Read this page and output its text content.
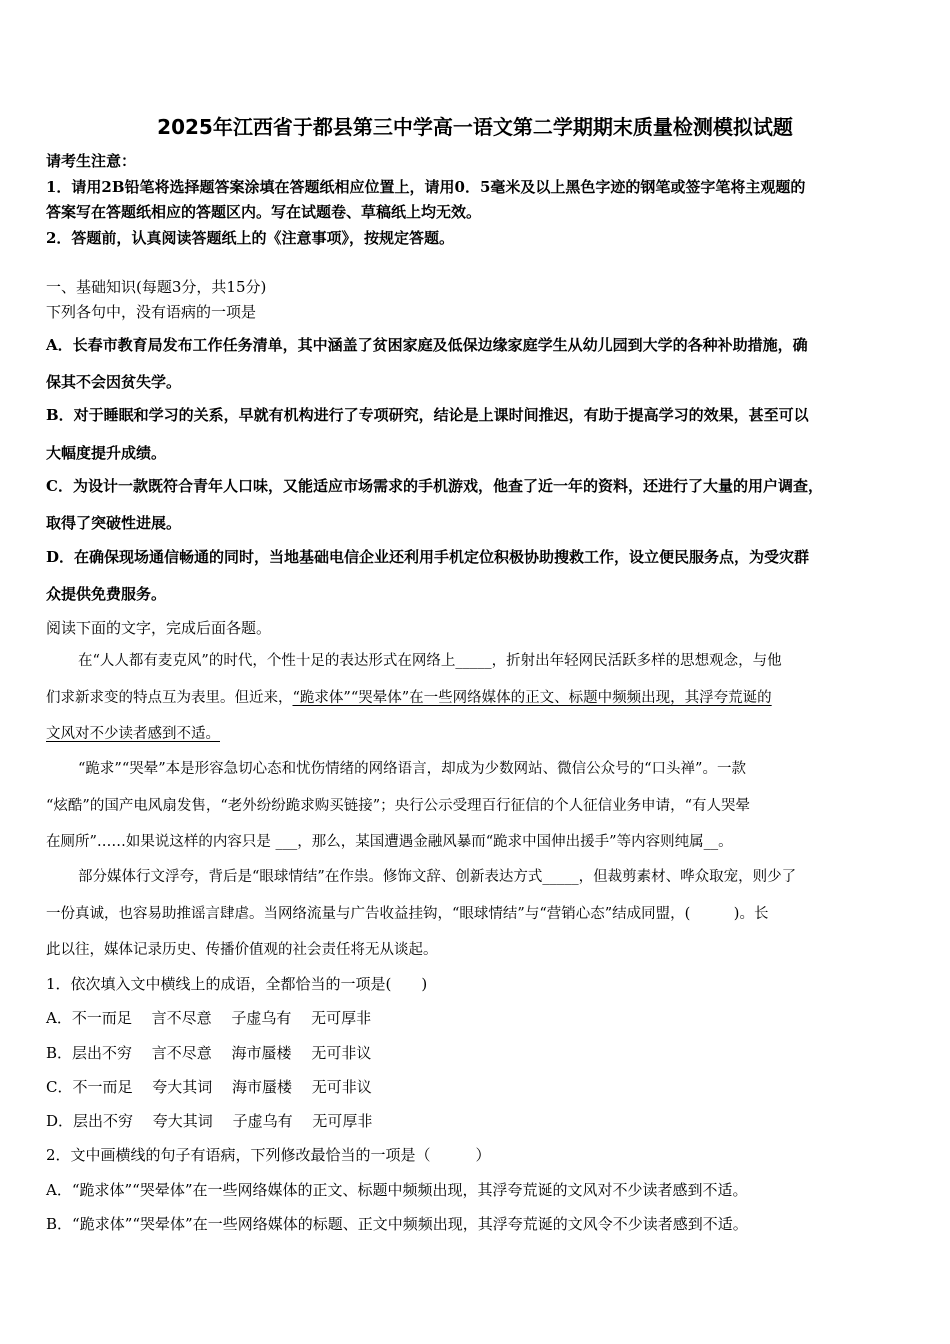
2025年江西省于都县第三中学高一语文第二学期期末质量检测模拟试题
请考生注意：
1．请用2B铅笔将选择题答案涂填在答题纸相应位置上，请用0．5毫米及以上黑色字迹的钢笔或签字笔将主观题的
答案写在答题纸相应的答题区内。写在试题卷、草稿纸上均无效。
2．答题前，认真阅读答题纸上的《注意事项》，按规定答题。
一、基础知识(每题3分，共15分)
下列各句中，没有语病的一项是
A．长春市教育局发布工作任务清单，其中涵盖了贫困家庭及低保边缘家庭学生从幼儿园到大学的各种补助措施，确
保其不会因贫失学。
B．对于睡眠和学习的关系，早就有机构进行了专项研究，结论是上课时间推迟，有助于提高学习的效果，甚至可以
大幅度提升成绩。
C．为设计一款既符合青年人口味，又能适应市场需求的手机游戏，他查了近一年的资料，还进行了大量的用户调查，
取得了突破性进展。
D．在确保现场通信畅通的同时，当地基础电信企业还利用手机定位积极协助搜救工作，设立便民服务点，为受灾群
众提供免费服务。
阅读下面的文字，完成后面各题。
在“人人都有麦克风”的时代，个性十足的表达形式在网络上_____，折射出年轻网民活跃多样的思想观念，与他
们求新求变的特点互为表里。但近来，“跪求体”“哭晕体”在一些网络媒体的正文、标题中频频出现，其浮夸荒诞的
文风对不少读者感到不适。
“跪求”“哭晕”本是形容急切心态和忧伤情绪的网络语言，却成为少数网站、微信公众号的“口头禅”。一款
“炫酷”的国产电风扇发售，“老外纷纷跪求购买链接”；央行公示受理百行征信的个人征信业务申请，“有人哭晕
在厕所”……如果说这样的内容只是 ___，那么，某国遭遇金融风暴而“跪求中国伸出援手”等内容则纯属__。
部分媒体行文浮夸，背后是“眼球情结”在作祟。修饰文辞、创新表达方式_____，但裁剪素材、哗众取宠，则少了
一份真诚，也容易助推谣言肆虐。当网络流量与广告收益挂钩，“眼球情结”与“营销心态”结成同盟，(　　　)。长
此以往，媒体记录历史、传播价值观的社会责任将无从谈起。
1．依次填入文中横线上的成语，全都恰当的一项是(　　)
A．不一而足　 言不尽意　 子虚乌有　 无可厚非
B．层出不穷　 言不尽意　 海市蜃楼　 无可非议
C．不一而足　 夸大其词　 海市蜃楼　 无可非议
D．层出不穷　 夸大其词　 子虚乌有　 无可厚非
2．文中画横线的句子有语病，下列修改最恰当的一项是（　　　）
A．“跪求体”“哭晕体”在一些网络媒体的正文、标题中频频出现，其浮夸荒诞的文风对不少读者感到不适。
B．“跪求体”“哭晕体”在一些网络媒体的标题、正文中频频出现，其浮夸荒诞的文风令不少读者感到不适。
